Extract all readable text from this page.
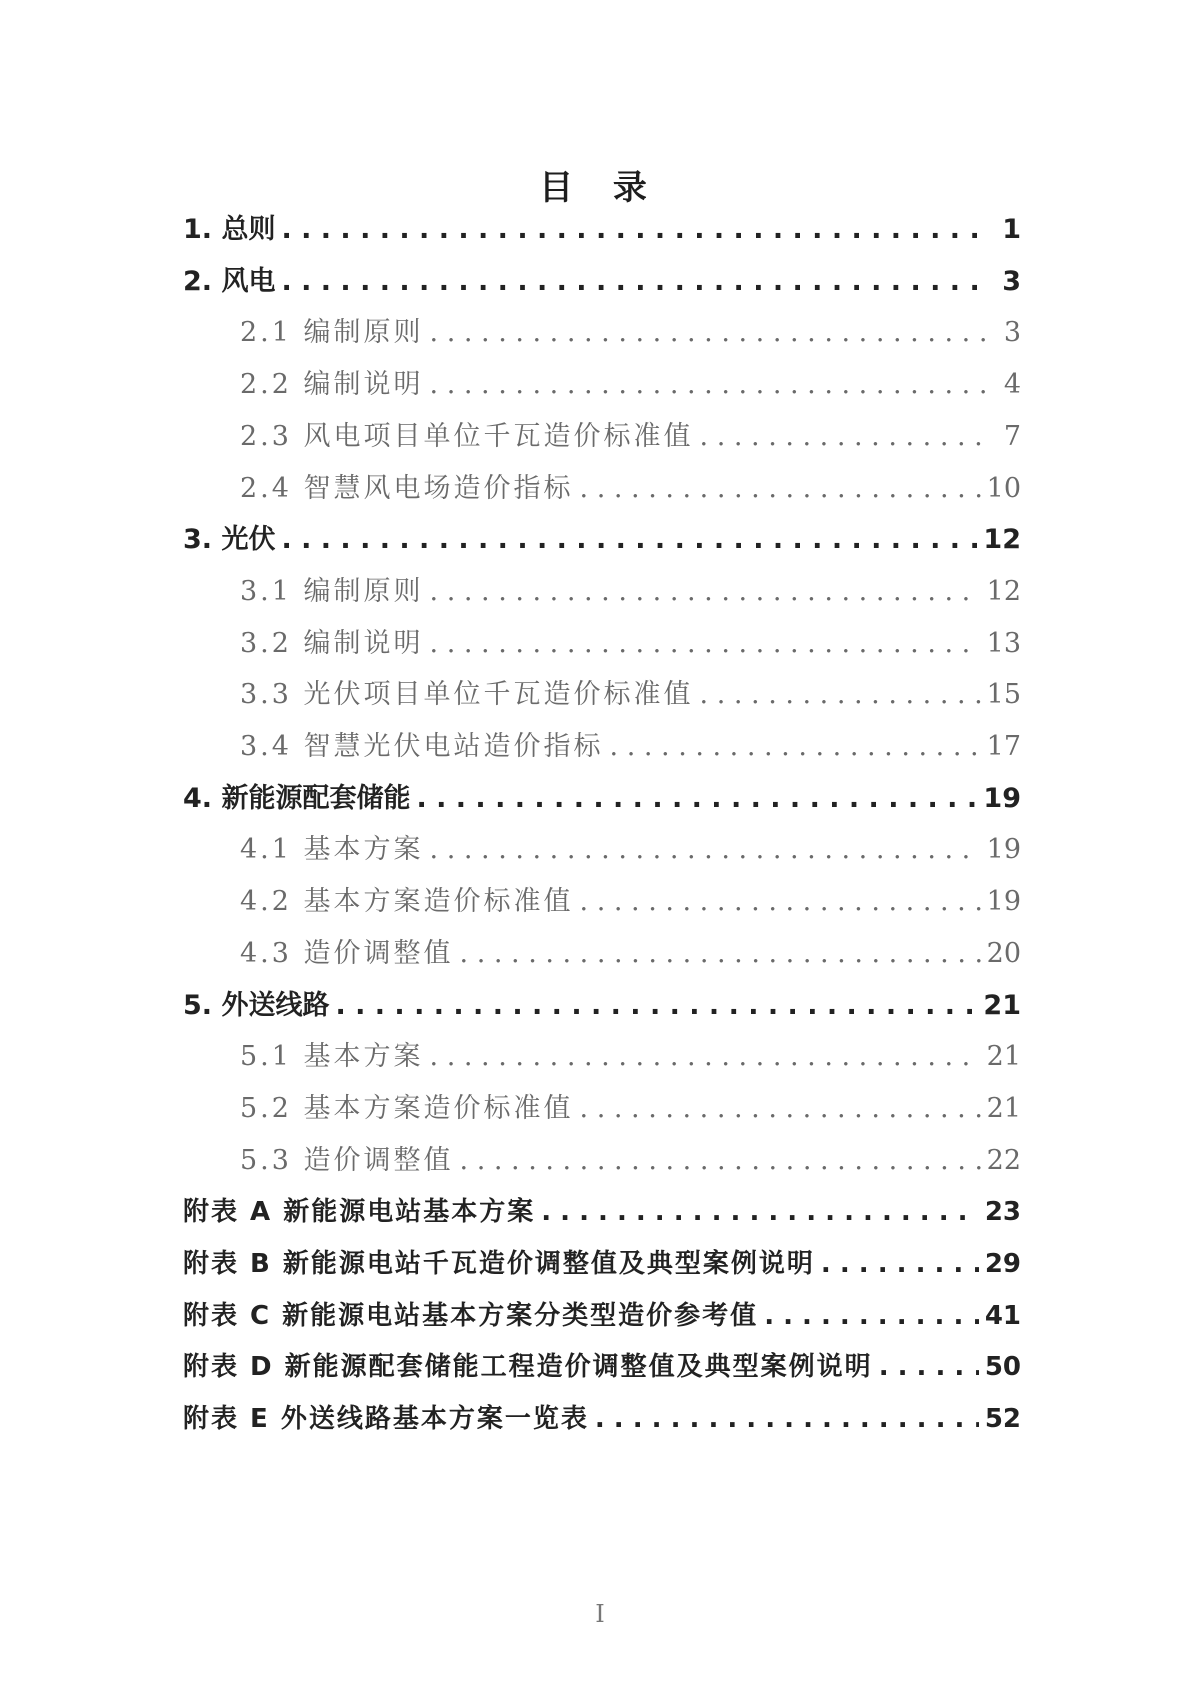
目 录
1. 总则 . . .	1
2. 风电 . . .	3
2.1 编制原则 . . .	3
2.2 编制说明 . . .	4
2.3 风电项目单位千瓦造价标准值 . . .	7
2.4 智慧风电场造价指标 . . .	10
3. 光伏 . . .	12
3.1 编制原则 . . .	12
3.2 编制说明 . . .	13
3.3 光伏项目单位千瓦造价标准值 . . .	15
3.4 智慧光伏电站造价指标 . . .	17
4. 新能源配套储能 . . .	19
4.1 基本方案 . . .	19
4.2 基本方案造价标准值 . . .	19
4.3 造价调整值 . . .	20
5. 外送线路 . . .	21
5.1 基本方案 . . .	21
5.2 基本方案造价标准值 . . .	21
5.3 造价调整值 . . .	22
附表 A 新能源电站基本方案 . . .	23
附表 B 新能源电站千瓦造价调整值及典型案例说明 . . .	29
附表 C 新能源电站基本方案分类型造价参考值 . . .	41
附表 D 新能源配套储能工程造价调整值及典型案例说明 . . .	50
附表 E 外送线路基本方案一览表 . . .	52
I
